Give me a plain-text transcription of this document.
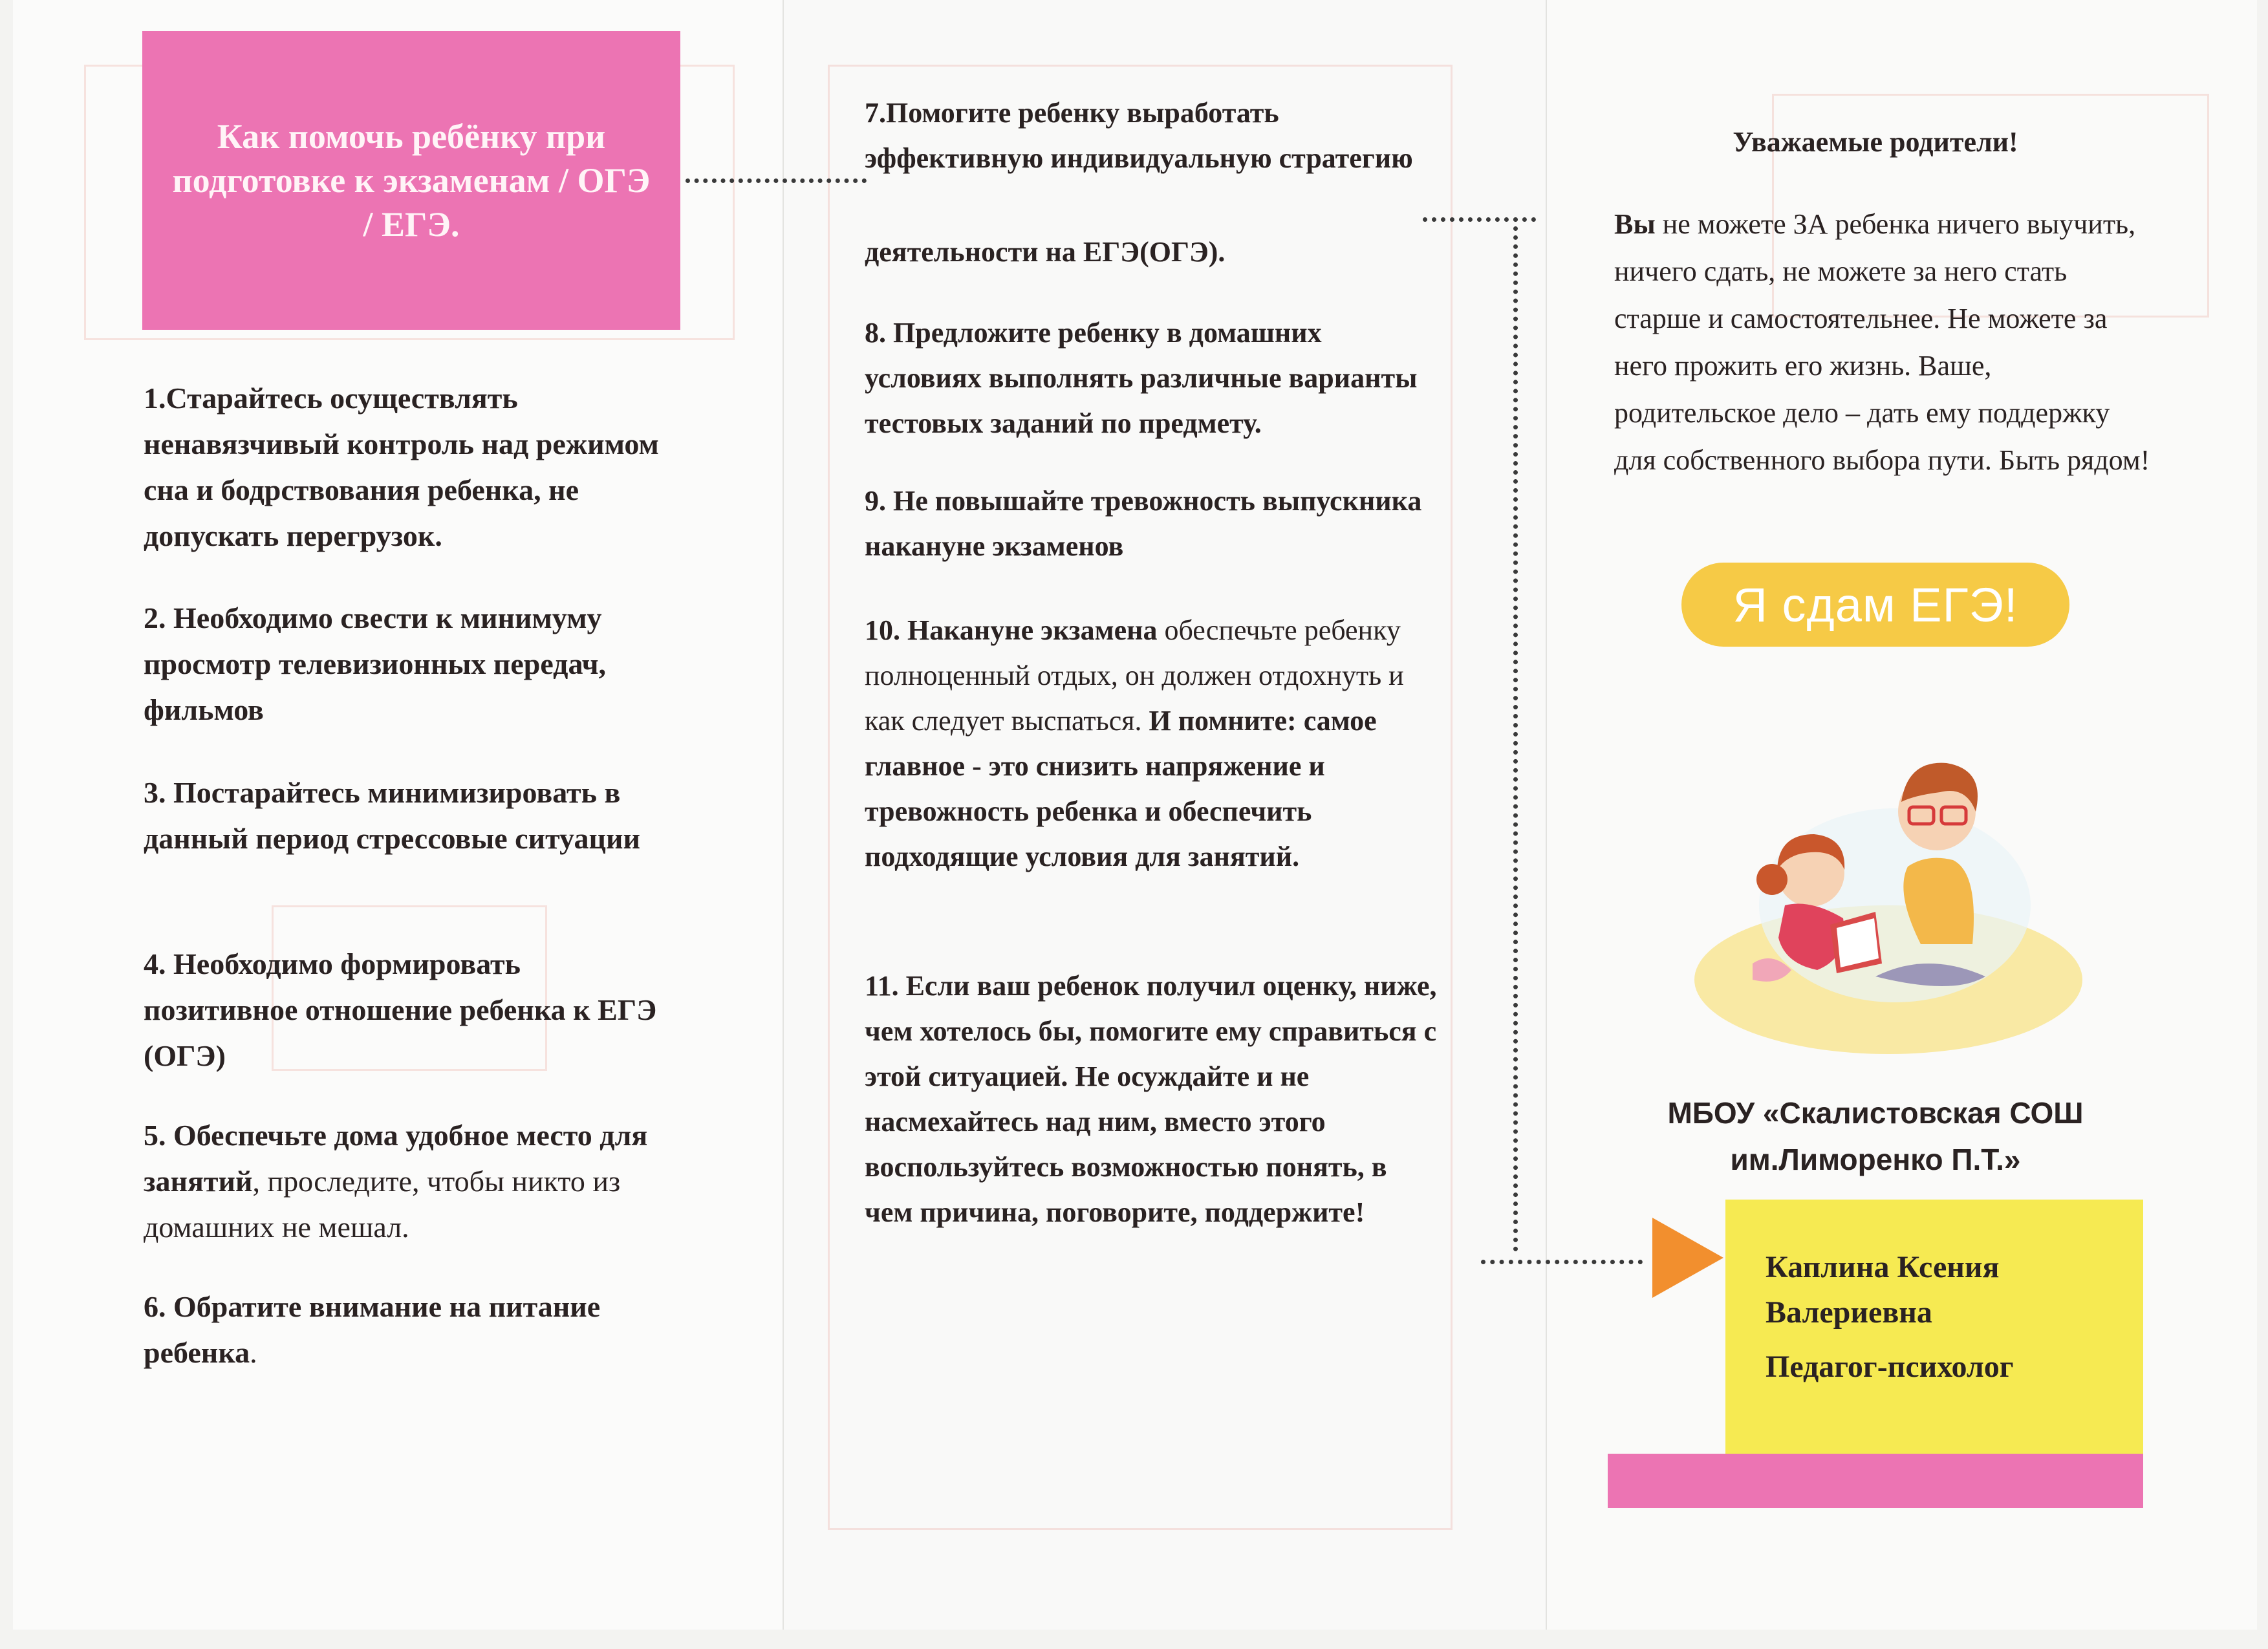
Как помочь ребёнку при подготовке к экзаменам / ОГЭ / ЕГЭ.
1.Старайтесь осуществлять ненавязчивый контроль над режимом сна и бодрствования ребенка, не допускать перегрузок.
2. Необходимо свести к минимуму просмотр телевизионных передач, фильмов
3. Постарайтесь минимизировать в данный период стрессовые ситуации
4. Необходимо формировать позитивное отношение ребенка к ЕГЭ (ОГЭ)
5. Обеспечьте дома удобное место для занятий, проследите, чтобы никто из домашних не мешал.
6. Обратите внимание на питание ребенка.
7.Помогите ребенку выработать эффективную индивидуальную стратегию
деятельности на ЕГЭ(ОГЭ).
8. Предложите ребенку в домашних условиях выполнять различные варианты тестовых заданий по предмету.
9. Не повышайте тревожность выпускника накануне экзаменов
10. Накануне экзамена обеспечьте ребенку полноценный отдых, он должен отдохнуть и как следует выспаться. И помните: самое главное - это снизить напряжение и тревожность ребенка и обеспечить подходящие условия для занятий.
11. Если ваш ребенок получил оценку, ниже, чем хотелось бы, помогите ему справиться с этой ситуацией. Не осуждайте и не насмехайтесь над ним, вместо этого воспользуйтесь возможностью понять, в чем причина, поговорите, поддержите!
Уважаемые родители!
Вы не можете ЗА ребенка ничего выучить, ничего сдать, не можете за него стать старше и самостоятельнее. Не можете за него прожить его жизнь. Ваше, родительское дело – дать ему поддержку для собственного выбора пути. Быть рядом!
Я сдам ЕГЭ!
МБОУ «Скалистовская СОШ им.Лиморенко П.Т.»
Каплина Ксения Валериевна
Педагог-психолог
